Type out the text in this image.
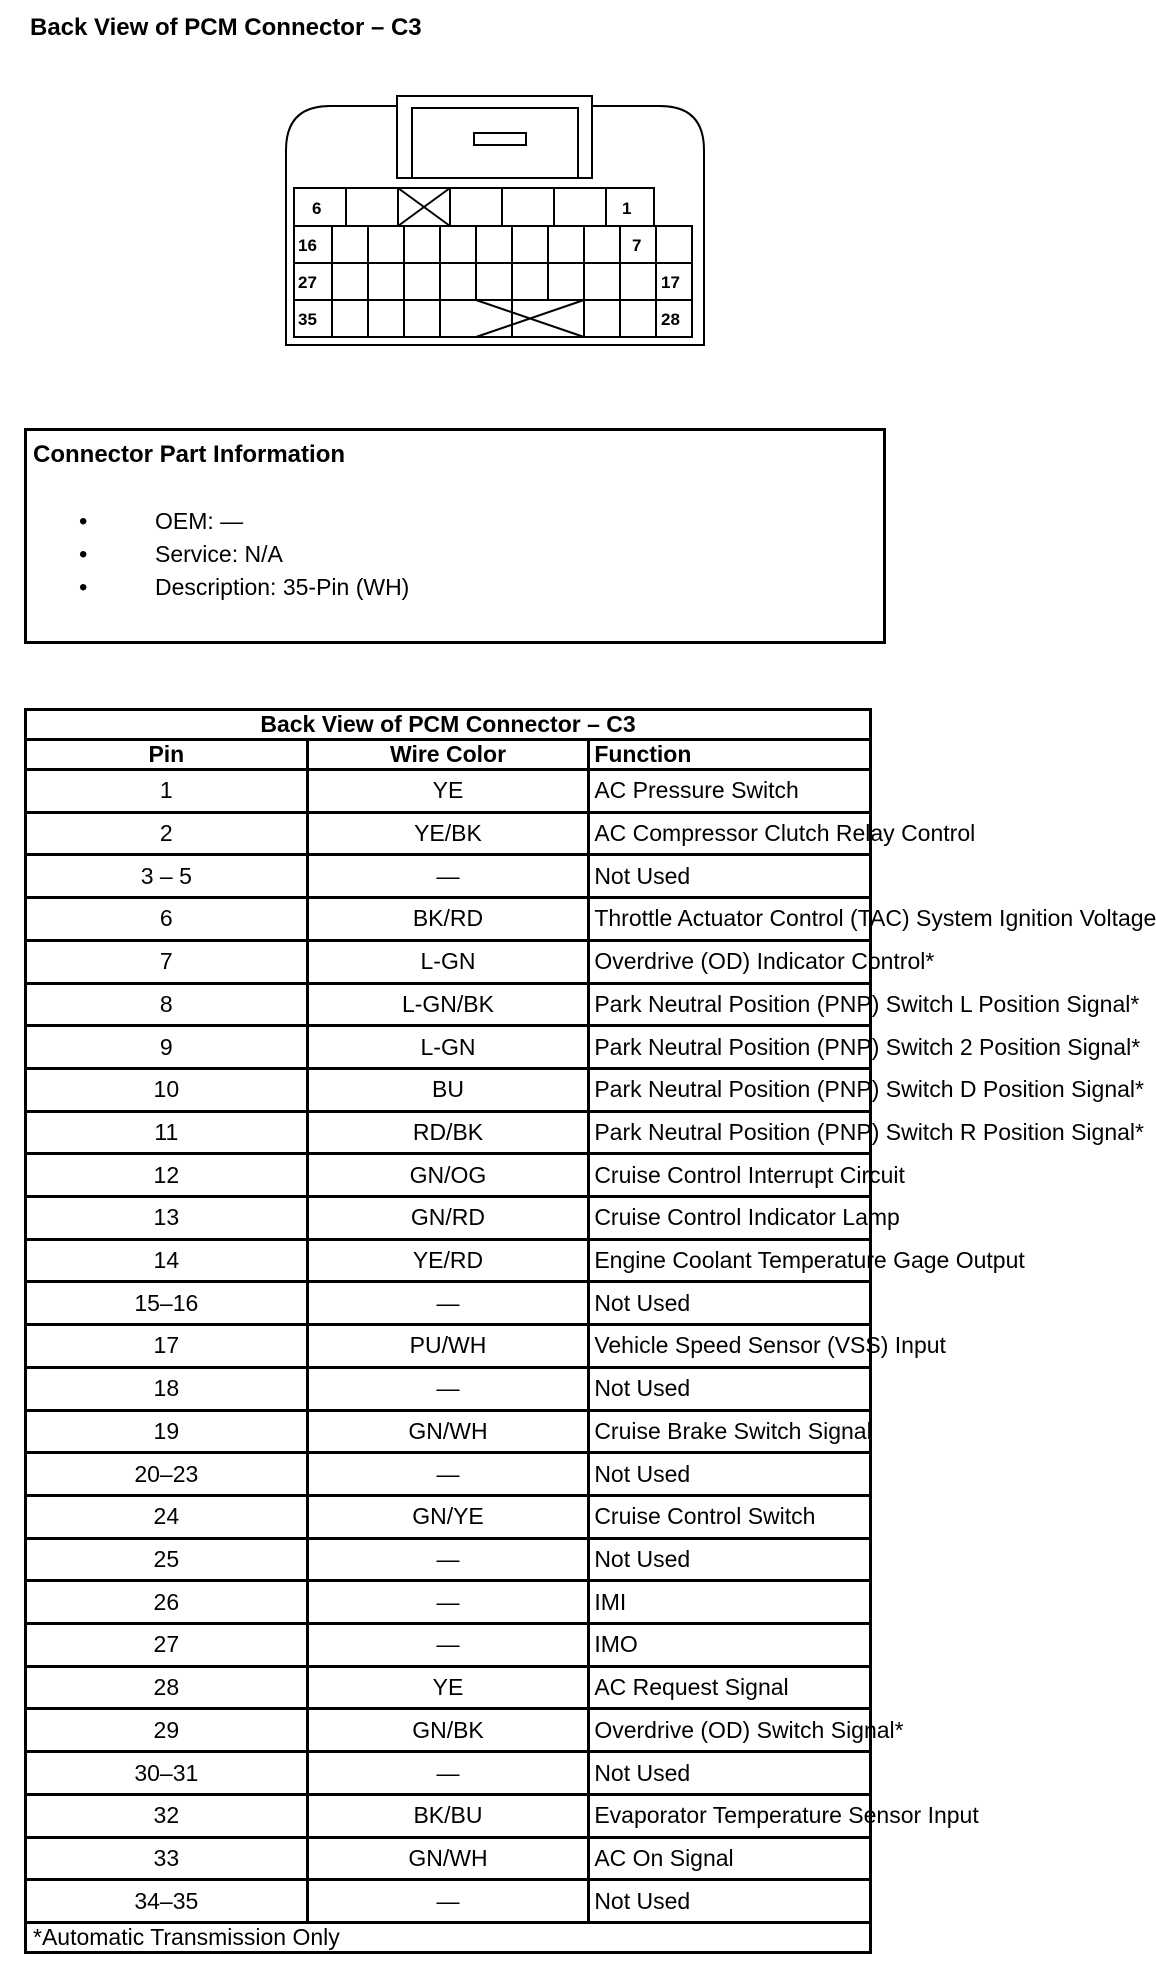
Back View of PCM Connector – C3
6	1
16	7
27	17
35	28
Connector Part Information
• OEM: —
• Service: N/A
• Description: 35-Pin (WH)
Back View of PCM Connector – C3		
Pin	Wire Color	Function
1	YE	AC Pressure Switch
2	YE/BK	AC Compressor Clutch Relay Control
3 – 5	—	Not Used
6	BK/RD	Throttle Actuator Control (TAC) System Ignition Voltage
7	L-GN	Overdrive (OD) Indicator Control*
8	L-GN/BK	Park Neutral Position (PNP) Switch L Position Signal*
9	L-GN	Park Neutral Position (PNP) Switch 2 Position Signal*
10	BU	Park Neutral Position (PNP) Switch D Position Signal*
11	RD/BK	Park Neutral Position (PNP) Switch R Position Signal*
12	GN/OG	Cruise Control Interrupt Circuit
13	GN/RD	Cruise Control Indicator Lamp
14	YE/RD	Engine Coolant Temperature Gage Output
15–16	—	Not Used
17	PU/WH	Vehicle Speed Sensor (VSS) Input
18	—	Not Used
19	GN/WH	Cruise Brake Switch Signal
20–23	—	Not Used
24	GN/YE	Cruise Control Switch
25	—	Not Used
26	—	IMI
27	—	IMO
28	YE	AC Request Signal
29	GN/BK	Overdrive (OD) Switch Signal*
30–31	—	Not Used
32	BK/BU	Evaporator Temperature Sensor Input
33	GN/WH	AC On Signal
34–35	—	Not Used
*Automatic Transmission Only		
